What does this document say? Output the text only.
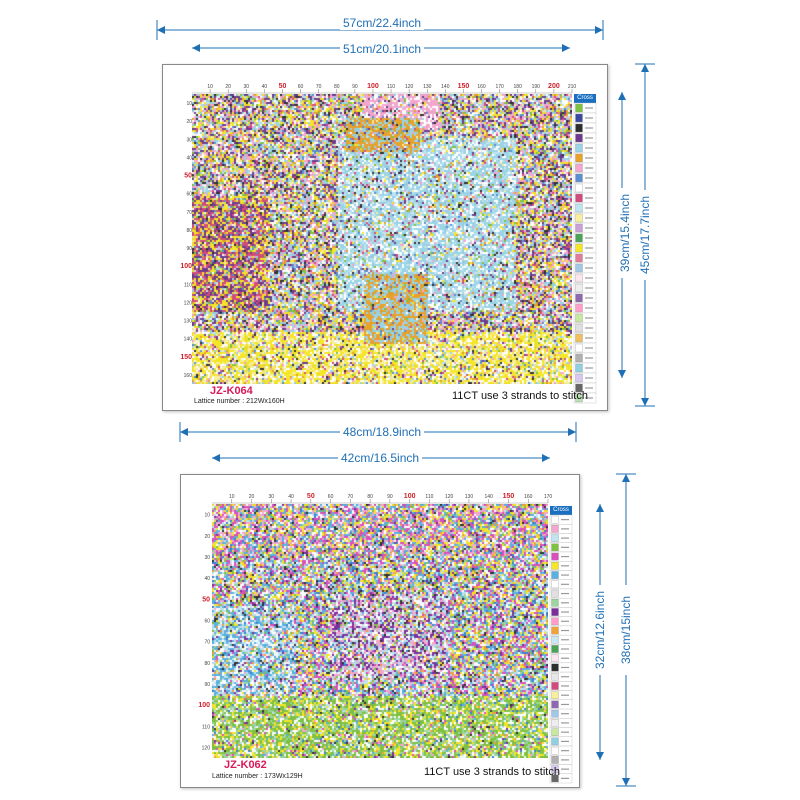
57cm/22.4inch
51cm/20.1inch
10	20	30	40 50 60	70	80	90 100 110 120 130 140 150 160 170 180 190 200 210
10
20
30
40
50
60
70
80
90
100
110
120
130
140
150
160
Cross
JZ-K064
Lattice number : 212Wx160H	11CT use 3 strands to stitch
39cm/15.4inch 45cm/17.7inch
48cm/18.9inch
42cm/16.5inch
10	20	30	40 50	60	70	80	90 100 110 120 130 140 150 160 170
10
20
30
40
50
60
70
80
90
100
110
120
Cross
JZ-K062
Lattice number : 173Wx129H	11CT use 3 strands to stitch
32cm/12.6inch 38cm/15inch
